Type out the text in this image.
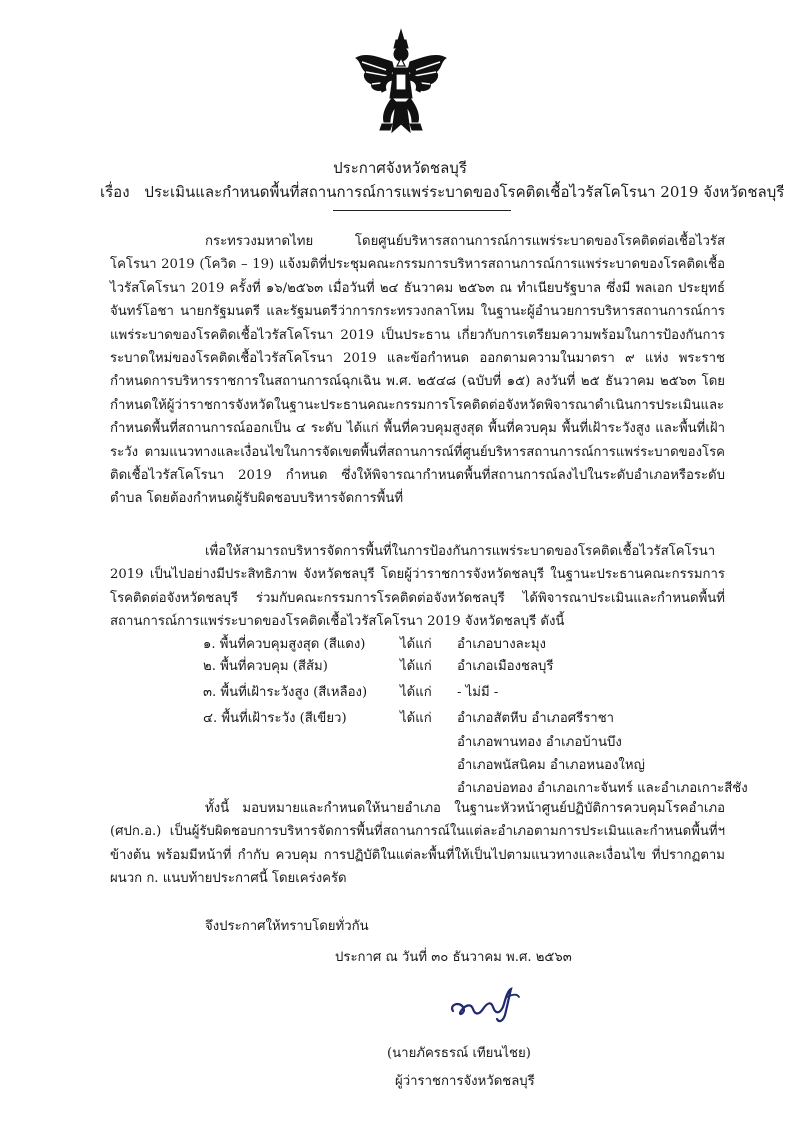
ประกาศจังหวัดชลบุรี
เรื่อง ประเมินและกำหนดพื้นที่สถานการณ์การแพร่ระบาดของโรคติดเชื้อไวรัสโคโรนา 2019 จังหวัดชลบุรี

กระทรวงมหาดไทย โดยศูนย์บริหารสถานการณ์การแพร่ระบาดของโรคติดต่อเชื้อไวรัสโคโรนา 2019 (โควิด – 19) แจ้งมติที่ประชุมคณะกรรมการบริหารสถานการณ์การแพร่ระบาดของโรคติดเชื้อไวรัสโคโรนา 2019 ครั้งที่ ๑๖/๒๕๖๓ เมื่อวันที่ ๒๔ ธันวาคม ๒๕๖๓ ณ ทำเนียบรัฐบาล ซึ่งมี พลเอก ประยุทธ์ จันทร์โอชา นายกรัฐมนตรี และรัฐมนตรีว่าการกระทรวงกลาโหม ในฐานะผู้อำนวยการบริหารสถานการณ์การแพร่ระบาดของโรคติดเชื้อไวรัสโคโรนา 2019 เป็นประธาน เกี่ยวกับการเตรียมความพร้อมในการป้องกันการระบาดใหม่ของโรคติดเชื้อไวรัสโคโรนา 2019 และข้อกำหนด ออกตามความในมาตรา ๙ แห่ง พระราชกำหนดการบริหารราชการในสถานการณ์ฉุกเฉิน พ.ศ. ๒๕๔๘ (ฉบับที่ ๑๕) ลงวันที่ ๒๕ ธันวาคม ๒๕๖๓ โดยกำหนดให้ผู้ว่าราชการจังหวัดในฐานะประธานคณะกรรมการโรคติดต่อจังหวัดพิจารณาดำเนินการประเมินและกำหนดพื้นที่สถานการณ์ออกเป็น ๔ ระดับ ได้แก่ พื้นที่ควบคุมสูงสุด พื้นที่ควบคุม พื้นที่เฝ้าระวังสูง และพื้นที่เฝ้าระวัง ตามแนวทางและเงื่อนไขในการจัดเขตพื้นที่สถานการณ์ที่ศูนย์บริหารสถานการณ์การแพร่ระบาดของโรคติดเชื้อไวรัสโคโรนา 2019 กำหนด ซึ่งให้พิจารณากำหนดพื้นที่สถานการณ์ลงไปในระดับอำเภอหรือระดับตำบล โดยต้องกำหนดผู้รับผิดชอบบริหารจัดการพื้นที่

เพื่อให้สามารถบริหารจัดการพื้นที่ในการป้องกันการแพร่ระบาดของโรคติดเชื้อไวรัสโคโรนา 2019 เป็นไปอย่างมีประสิทธิภาพ จังหวัดชลบุรี โดยผู้ว่าราชการจังหวัดชลบุรี ในฐานะประธานคณะกรรมการโรคติดต่อจังหวัดชลบุรี ร่วมกับคณะกรรมการโรคติดต่อจังหวัดชลบุรี ได้พิจารณาประเมินและกำหนดพื้นที่สถานการณ์การแพร่ระบาดของโรคติดเชื้อไวรัสโคโรนา 2019 จังหวัดชลบุรี ดังนี้

๑. พื้นที่ควบคุมสูงสุด (สีแดง)	ได้แก่ อำเภอบางละมุง
๒. พื้นที่ควบคุม (สีส้ม)	ได้แก่ อำเภอเมืองชลบุรี
๓. พื้นที่เฝ้าระวังสูง (สีเหลือง) ได้แก่ - ไม่มี -
๔. พื้นที่เฝ้าระวัง (สีเขียว)	ได้แก่ อำเภอสัตหีบ อำเภอศรีราชา
อำเภอพานทอง อำเภอบ้านบึง
อำเภอพนัสนิคม อำเภอหนองใหญ่
อำเภอบ่อทอง อำเภอเกาะจันทร์ และอำเภอเกาะสีชัง

ทั้งนี้ มอบหมายและกำหนดให้นายอำเภอ ในฐานะหัวหน้าศูนย์ปฏิบัติการควบคุมโรคอำเภอ (ศปก.อ.) เป็นผู้รับผิดชอบการบริหารจัดการพื้นที่สถานการณ์ในแต่ละอำเภอตามการประเมินและกำหนดพื้นที่ฯ ข้างต้น พร้อมมีหน้าที่ กำกับ ควบคุม การปฏิบัติในแต่ละพื้นที่ให้เป็นไปตามแนวทางและเงื่อนไข ที่ปรากฏตามผนวก ก. แนบท้ายประกาศนี้ โดยเคร่งครัด

จึงประกาศให้ทราบโดยทั่วกัน
ประกาศ ณ วันที่ ๓๐ ธันวาคม พ.ศ. ๒๕๖๓
(นายภัครธรณ์ เทียนไชย)
ผู้ว่าราชการจังหวัดชลบุรี
